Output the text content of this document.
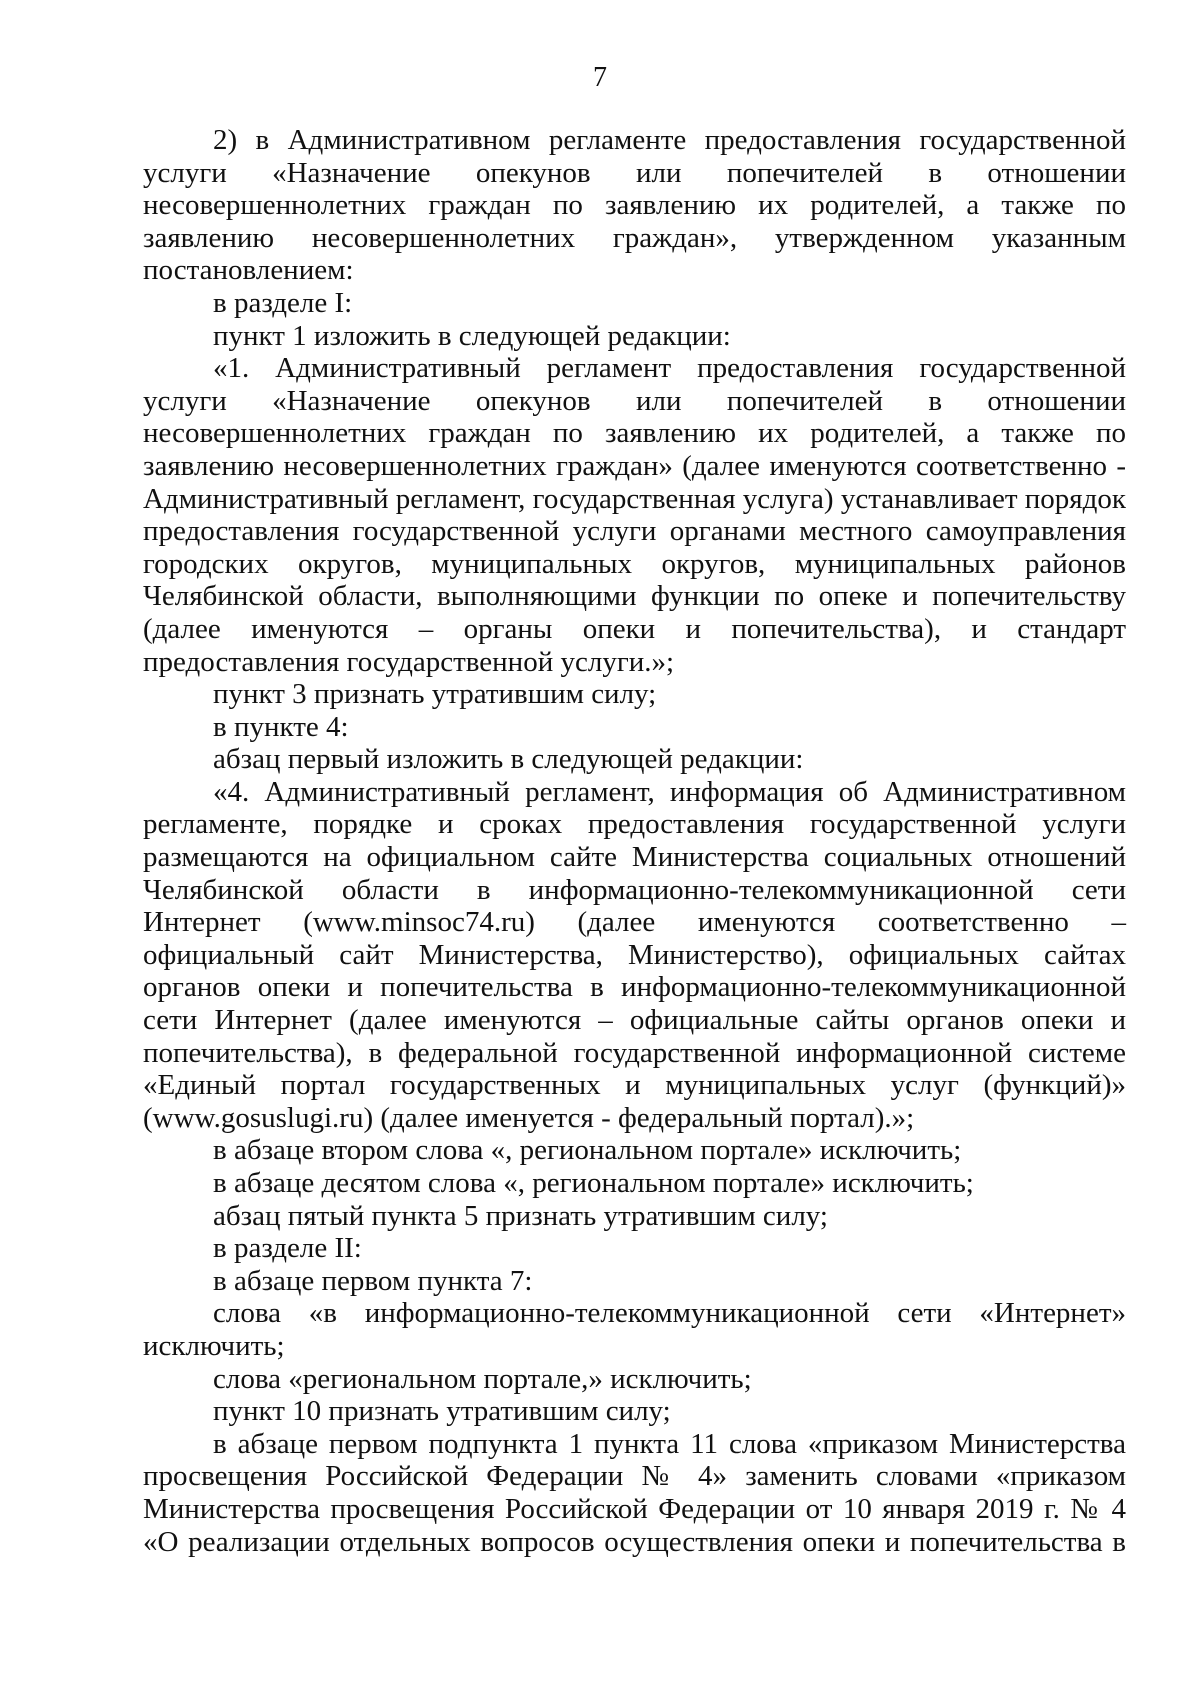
7

2) в Административном регламенте предоставления государственной услуги «Назначение опекунов или попечителей в отношении несовершеннолетних граждан по заявлению их родителей, а также по заявлению несовершеннолетних граждан», утвержденном указанным постановлением:

в разделе I:

пункт 1 изложить в следующей редакции:

«1. Административный регламент предоставления государственной услуги «Назначение опекунов или попечителей в отношении несовершеннолетних граждан по заявлению их родителей, а также по заявлению несовершеннолетних граждан» (далее именуются соответственно - Административный регламент, государственная услуга) устанавливает порядок предоставления государственной услуги органами местного самоуправления городских округов, муниципальных округов, муниципальных районов Челябинской области, выполняющими функции по опеке и попечительству (далее именуются – органы опеки и попечительства), и стандарт предоставления государственной услуги.»;

пункт 3 признать утратившим силу;

в пункте 4:

абзац первый изложить в следующей редакции:

«4. Административный регламент, информация об Административном регламенте, порядке и сроках предоставления государственной услуги размещаются на официальном сайте Министерства социальных отношений Челябинской области в информационно-телекоммуникационной сети Интернет (www.minsoc74.ru) (далее именуются соответственно – официальный сайт Министерства, Министерство), официальных сайтах органов опеки и попечительства в информационно-телекоммуникационной сети Интернет (далее именуются – официальные сайты органов опеки и попечительства), в федеральной государственной информационной системе «Единый портал государственных и муниципальных услуг (функций)» (www.gosuslugi.ru) (далее именуется - федеральный портал).»;

в абзаце втором слова «, региональном портале» исключить;

в абзаце десятом слова «, региональном портале» исключить;

абзац пятый пункта 5 признать утратившим силу;

в разделе II:

в абзаце первом пункта 7:

слова «в информационно-телекоммуникационной сети «Интернет» исключить;

слова «региональном портале,» исключить;

пункт 10 признать утратившим силу;

в абзаце первом подпункта 1 пункта 11 слова «приказом Министерства просвещения Российской Федерации № 4» заменить словами «приказом Министерства просвещения Российской Федерации от 10 января 2019 г. № 4 «О реализации отдельных вопросов осуществления опеки и попечительства в
